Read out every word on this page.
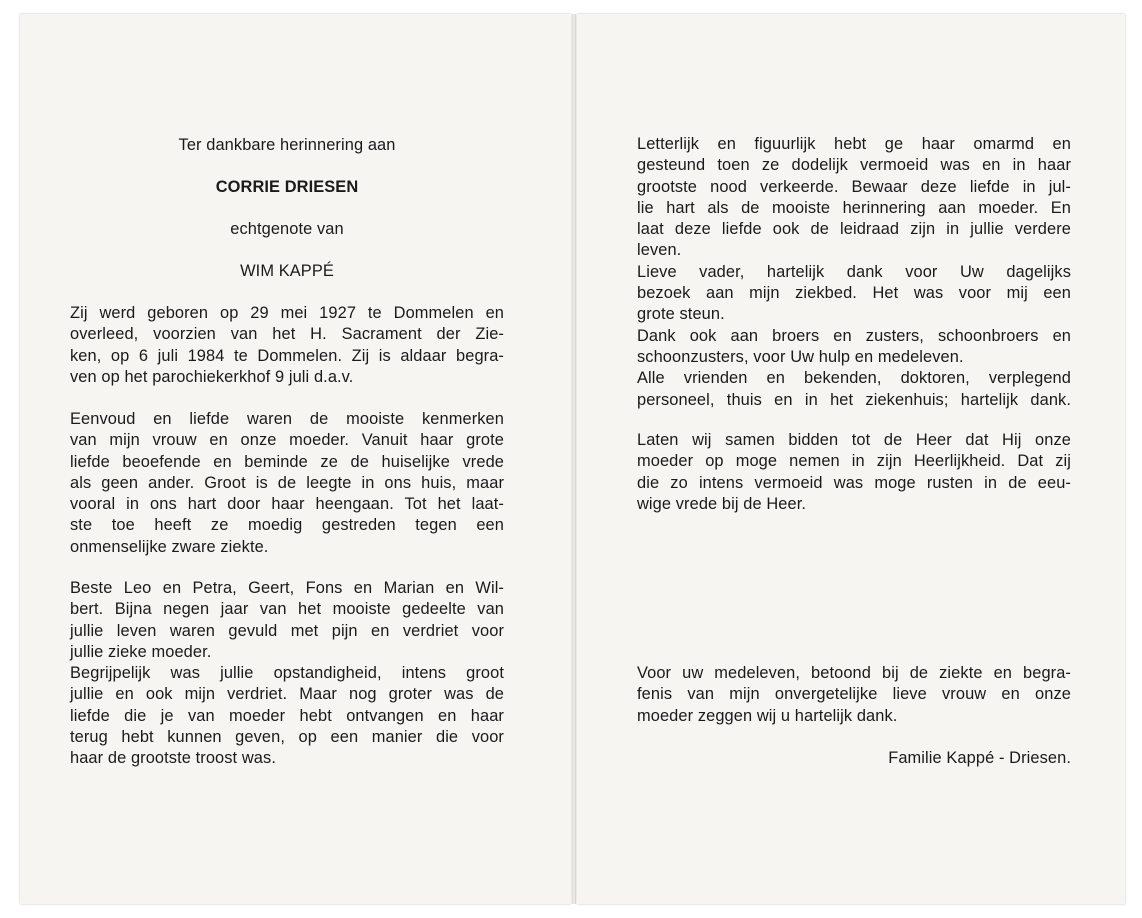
Ter dankbare herinnering aan
CORRIE DRIESEN
echtgenote van
WIM KAPPÉ
Zij werd geboren op 29 mei 1927 te Dommelen en
overleed, voorzien van het H. Sacrament der Zie-
ken, op 6 juli 1984 te Dommelen. Zij is aldaar begra-
ven op het parochiekerkhof 9 juli d.a.v.
Eenvoud en liefde waren de mooiste kenmerken
van mijn vrouw en onze moeder. Vanuit haar grote
liefde beoefende en beminde ze de huiselijke vrede
als geen ander. Groot is de leegte in ons huis, maar
vooral in ons hart door haar heengaan. Tot het laat-
ste toe heeft ze moedig gestreden tegen een
onmenselijke zware ziekte.
Beste Leo en Petra, Geert, Fons en Marian en Wil-
bert. Bijna negen jaar van het mooiste gedeelte van
jullie leven waren gevuld met pijn en verdriet voor
jullie zieke moeder.
Begrijpelijk was jullie opstandigheid, intens groot
jullie en ook mijn verdriet. Maar nog groter was de
liefde die je van moeder hebt ontvangen en haar
terug hebt kunnen geven, op een manier die voor
haar de grootste troost was.
Letterlijk en figuurlijk hebt ge haar omarmd en
gesteund toen ze dodelijk vermoeid was en in haar
grootste nood verkeerde. Bewaar deze liefde in jul-
lie hart als de mooiste herinnering aan moeder. En
laat deze liefde ook de leidraad zijn in jullie verdere
leven.
Lieve vader, hartelijk dank voor Uw dagelijks
bezoek aan mijn ziekbed. Het was voor mij een
grote steun.
Dank ook aan broers en zusters, schoonbroers en
schoonzusters, voor Uw hulp en medeleven.
Alle vrienden en bekenden, doktoren, verplegend
personeel, thuis en in het ziekenhuis; hartelijk dank.
Laten wij samen bidden tot de Heer dat Hij onze
moeder op moge nemen in zijn Heerlijkheid. Dat zij
die zo intens vermoeid was moge rusten in de eeu-
wige vrede bij de Heer.
Voor uw medeleven, betoond bij de ziekte en begra-
fenis van mijn onvergetelijke lieve vrouw en onze
moeder zeggen wij u hartelijk dank.
Familie Kappé - Driesen.
